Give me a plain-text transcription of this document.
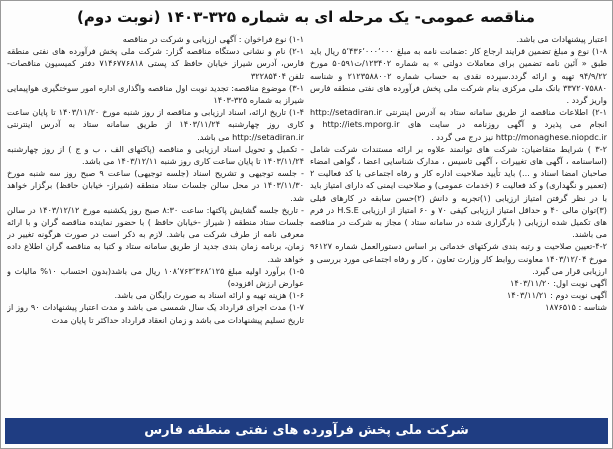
مناقصه عمومی- یک مرحله ای به شماره ۳۲۵-۱۴۰۳ (نوبت دوم)

۱-۱) نوع فراخوان : آگهی ارزیابی و شرکت در مناقصه

۲-۱) نام و نشانی دستگاه مناقصه گزار: شرکت ملی پخش فرآورده های نفتی منطقه فارس، آدرس شیراز خیابان حافظ کد پستی ۷۱۴۶۷۷۶۸۱۸ دفتر کمیسیون مناقصات- تلفن ۳۲۲۸۵۴۰۴

۳-۱) موضوع مناقصه: تجدید نوبت اول مناقصه واگذاری اداره امور سوختگیری هواپیمایی شیراز به شماره ۳۲۵-۱۴۰۳

۱-۴) تاریخ ارائه، اسناد ارزیابی و مناقصه از روز شنبه مورخ ۱۴۰۳/۱۱/۲۰ تا پایان ساعت کاری روز چهارشنبه ۱۴۰۳/۱۱/۲۴ از طریق سامانه ستاد به آدرس اینترنتی http://setadiran.ir می باشد.

- تکمیل و تحویل اسناد ارزیابی و مناقصه (پاکتهای الف ، ب و ج ) از روز چهارشنبه ۱۴۰۳/۱۱/۲۴ تا پایان ساعت کاری روز شنبه ۱۴۰۳/۱۲/۱۱ می باشد.

- جلسه توجیهی و تشریح اسناد (جلسه توجیهی) ساعت ۹ صبح روز سه شنبه مورخ ۱۴۰۳/۱۱/۳۰ در محل سالن جلسات ستاد منطقه (شیراز- خیابان حافظ) برگزار خواهد شد.

- تاریخ جلسه گشایش پاکتها: ساعت ۸:۳۰ صبح روز یکشنبه مورخ ۱۴۰۳/۱۲/۱۲ در سالن جلسات ستاد منطقه ( شیراز -خیابان حافظ ) با حضور نماینده مناقصه گران و با ارائه معرفی نامه از طرف شرکت می باشد. لازم به ذکر است در صورت هرگونه تغییر در زمان، برنامه زمان بندی جدید از طریق سامانه ستاد و کتبا به مناقصه گران اطلاع داده خواهد شد.

۱-۵) برآورد اولیه مبلغ ۱۰۸٬۷۶۳٬۳۶۸٬۱۲۵ ریال می باشد(بدون احتساب ۱۰% مالیات و عوارض ارزش افزوده)

۱-۶) هزینه تهیه و ارائه اسناد به صورت رایگان می باشد.

۱-۷) مدت اجرای قرارداد یک سال شمسی می باشد و مدت اعتبار پیشنهادات ۹۰ روز از تاریخ تسلیم پیشنهادات می باشد و زمان انعقاد قرارداد حداکثر تا پایان مدت

اعتبار پیشنهادات می باشد.

۱-۸) نوع و مبلغ تضمین فرایند ارجاع کار :ضمانت نامه به مبلغ ۵٬۴۳۶٬۰۰۰٬۰۰۰ ریال باید طبق « آئین نامه تضمین برای معاملات دولتی » به شماره ۱۲۳۴۰۲/ت۵۰۵۹۱ مورخ ۹۴/۹/۲۲ تهیه و ارائه گردد.سپرده نقدی به حساب شماره ۲۱۲۳۵۸۸۰۰۲ و شناسه ۳۳۷۲۰۷۵۸۸۰ بانک ملی مرکزی بنام شرکت ملی پخش فرآورده های نفتی منطقه فارس واریز گردد .

۲-۱) اطلاعات مناقصه از طریق سامانه ستاد به آدرس اینترنتی http://setadiran.ir انجام می پذیرد و آگهی روزنامه در سایت های http://iets.mporg.ir و http://monaghese.niopdc.ir نیز درج می گردد .

۳-۲ ) شرایط متقاضیان: شرکت های توانمند علاوه بر ارائه مستندات شرکت شامل (اساسنامه ، آگهی های تغییرات ، آگهی تاسیس ، مدارک شناسایی اعضا ، گواهی امضاء صاحبان امضا اسناد و ...) باید تأیید صلاحیت اداره کار و رفاه اجتماعی با کد فعالیت ۲ (تعمیر و نگهداری) و کد فعالیت ۶ (خدمات عمومی) و صلاحیت ایمنی که دارای امتیاز باید با در نظر گرفتن امتیاز ارزیابی (۱)تجربه و دانش (۲)حسن سابقه در کارهای قبلی (۳)توان مالی ۴۰ و حداقل امتیاز ارزیابی کیفی ۷۰ و ۶۰ امتیاز از ارزیابی H.S.E در فرم های تکمیل شده ارزیابی ( بارگزاری شده در سامانه ستاد ) مجاز به شرکت در مناقصه می باشند.

۴-۲-تعیین صلاحیت و رتبه بندی شرکتهای خدماتی بر اساس دستورالعمل شماره ۹۶۱۲۷ مورخ ۱۴۰۳/۱۲/۰۴ معاونت روابط کار وزارت تعاون ، کار و رفاه اجتماعی مورد بررسی و ارزیابی قرار می گیرد.

آگهی نوبت اول: ۱۴۰۳/۱۱/۲۰

آگهی نوبت دوم : ۱۴۰۳/۱۱/۲۱

شناسه : ۱۸۷۶۵۱۵

شرکت ملی پخش فرآورده های نفتی منطقه فارس
